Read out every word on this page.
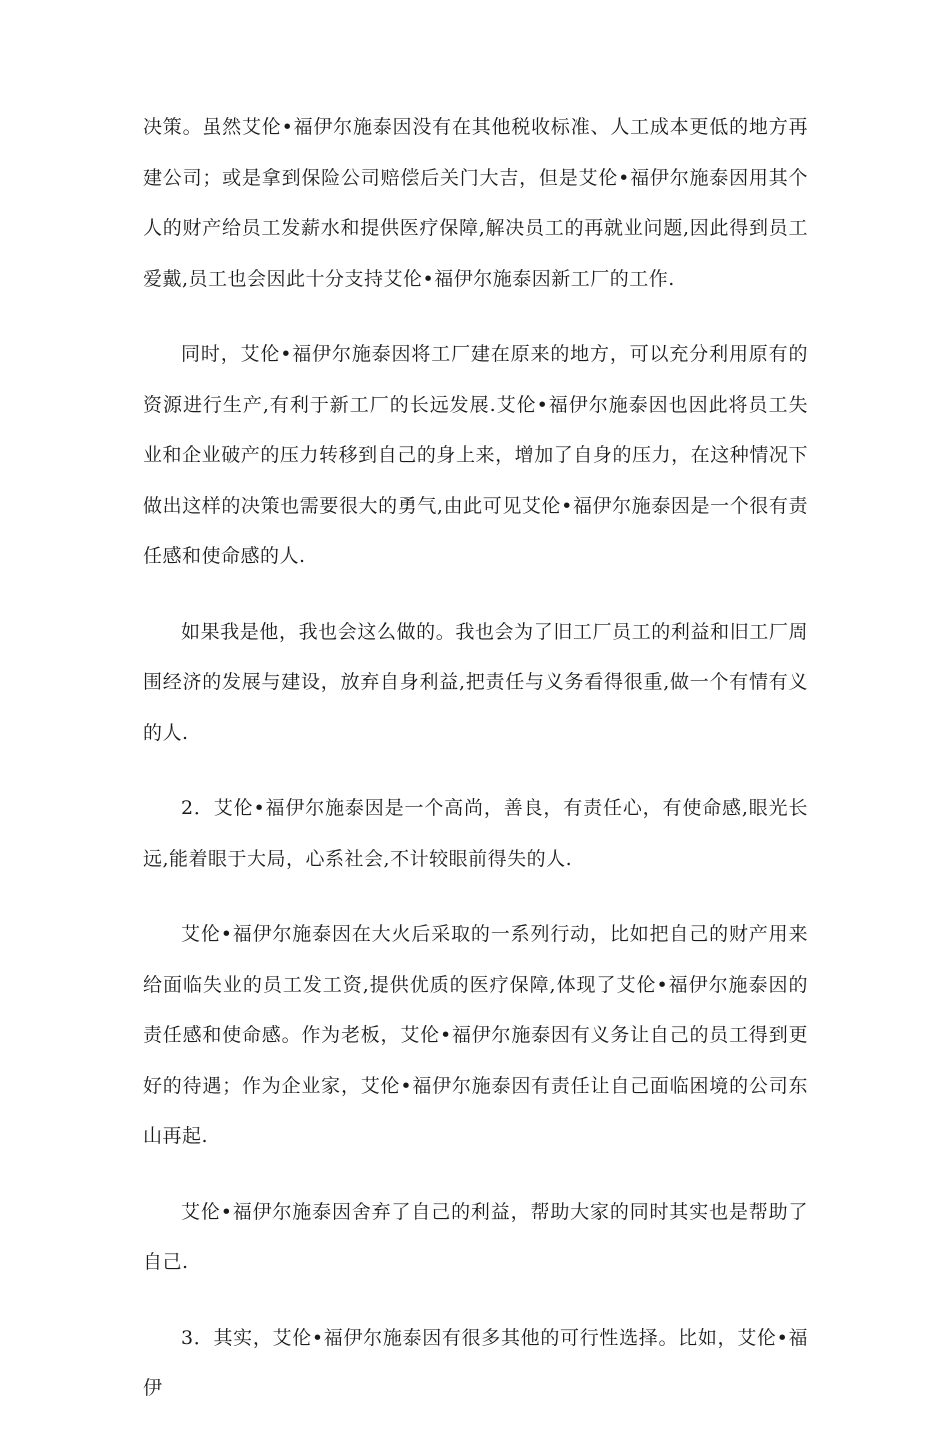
决策。虽然艾伦•福伊尔施泰因没有在其他税收标准、人工成本更低的地方再建公司；或是拿到保险公司赔偿后关门大吉，但是艾伦•福伊尔施泰因用其个人的财产给员工发薪水和提供医疗保障,解决员工的再就业问题,因此得到员工爱戴,员工也会因此十分支持艾伦•福伊尔施泰因新工厂的工作.

同时，艾伦•福伊尔施泰因将工厂建在原来的地方，可以充分利用原有的资源进行生产,有利于新工厂的长远发展.艾伦•福伊尔施泰因也因此将员工失业和企业破产的压力转移到自己的身上来，增加了自身的压力，在这种情况下做出这样的决策也需要很大的勇气,由此可见艾伦•福伊尔施泰因是一个很有责任感和使命感的人.

如果我是他，我也会这么做的。我也会为了旧工厂员工的利益和旧工厂周围经济的发展与建设，放弃自身利益,把责任与义务看得很重,做一个有情有义的人.

2．艾伦•福伊尔施泰因是一个高尚，善良，有责任心，有使命感,眼光长远,能着眼于大局，心系社会,不计较眼前得失的人.

艾伦•福伊尔施泰因在大火后采取的一系列行动，比如把自己的财产用来给面临失业的员工发工资,提供优质的医疗保障,体现了艾伦•福伊尔施泰因的责任感和使命感。作为老板，艾伦•福伊尔施泰因有义务让自己的员工得到更好的待遇；作为企业家，艾伦•福伊尔施泰因有责任让自己面临困境的公司东山再起.

艾伦•福伊尔施泰因舍弃了自己的利益，帮助大家的同时其实也是帮助了自己.

3．其实，艾伦•福伊尔施泰因有很多其他的可行性选择。比如，艾伦•福伊
